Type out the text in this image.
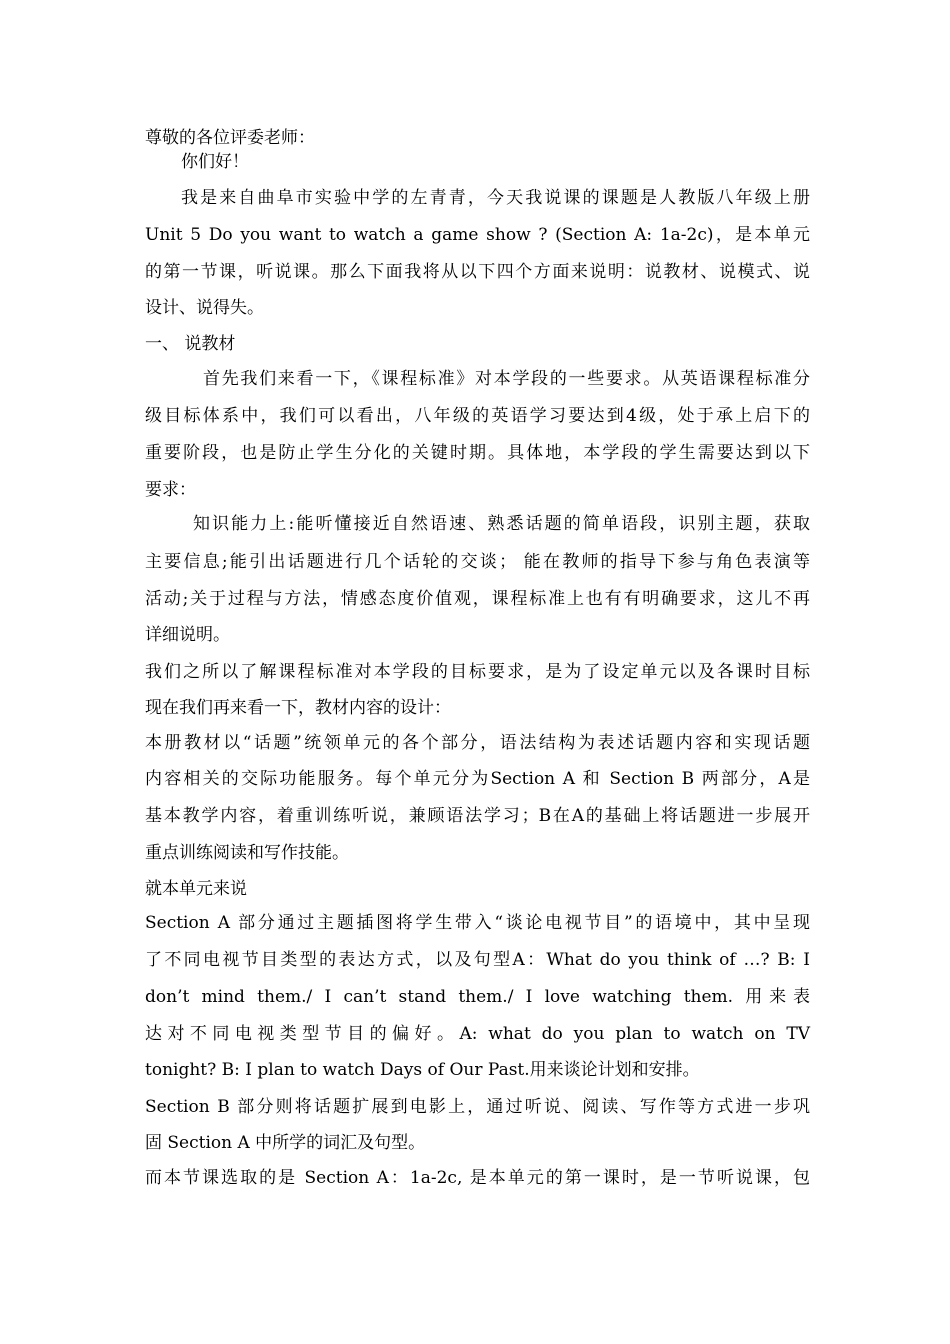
尊敬的各位评委老师：
你们好！
我是来自曲阜市实验中学的左青青，今天我说课的课题是人教版八年级上册
Unit 5 Do you want to watch a game show ? (Section A: 1a-2c)，是本单元
的第一节课，听说课。那么下面我将从以下四个方面来说明：说教材、说模式、说
设计、说得失。
一、 说教材
首先我们来看一下，《课程标准》对本学段的一些要求。从英语课程标准分
级目标体系中，我们可以看出，八年级的英语学习要达到4级，处于承上启下的
重要阶段，也是防止学生分化的关键时期。具体地，本学段的学生需要达到以下
要求：
知识能力上:能听懂接近自然语速、熟悉话题的简单语段，识别主题，获取
主要信息;能引出话题进行几个话轮的交谈； 能在教师的指导下参与角色表演等
活动;关于过程与方法，情感态度价值观，课程标准上也有有明确要求，这儿不再
详细说明。
我们之所以了解课程标准对本学段的目标要求，是为了设定单元以及各课时目标
现在我们再来看一下，教材内容的设计：
本册教材以“话题”统领单元的各个部分，语法结构为表述话题内容和实现话题
内容相关的交际功能服务。每个单元分为Section A 和 Section B 两部分，A是
基本教学内容，着重训练听说，兼顾语法学习；B在A的基础上将话题进一步展开
重点训练阅读和写作技能。
就本单元来说
Section A 部分通过主题插图将学生带入“谈论电视节目”的语境中，其中呈现
了不同电视节目类型的表达方式，以及句型A：What do you think of …? B: I
don’t mind them./ I can’t stand them./ I love watching them. 用来表
达对不同电视类型节目的偏好。A: what do you plan to watch on TV
tonight? B: I plan to watch Days of Our Past.用来谈论计划和安排。
Section B 部分则将话题扩展到电影上，通过听说、阅读、写作等方式进一步巩
固 Section A 中所学的词汇及句型。
而本节课选取的是 Section A：1a-2c, 是本单元的第一课时，是一节听说课，包
